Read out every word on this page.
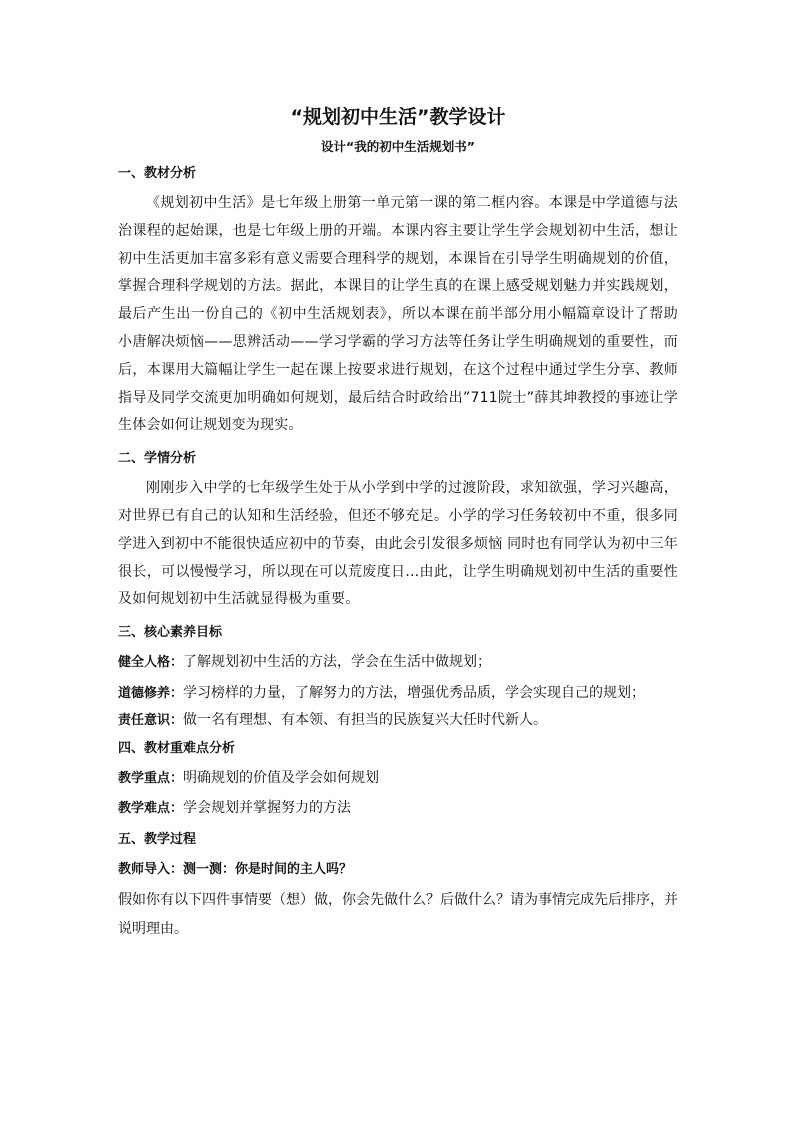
“规划初中生活”教学设计
设计“我的初中生活规划书”
一、教材分析

《规划初中生活》是七年级上册第一单元第一课的第二框内容。本课是中学道德与法治课程的起始课，也是七年级上册的开端。本课内容主要让学生学会规划初中生活，想让初中生活更加丰富多彩有意义需要合理科学的规划，本课旨在引导学生明确规划的价值，掌握合理科学规划的方法。据此，本课目的让学生真的在课上感受规划魅力并实践规划，最后产生出一份自己的《初中生活规划表》，所以本课在前半部分用小幅篇章设计了帮助小唐解决烦恼——思辨活动——学习学霸的学习方法等任务让学生明确规划的重要性，而后，本课用大篇幅让学生一起在课上按要求进行规划，在这个过程中通过学生分享、教师指导及同学交流更加明确如何规划，最后结合时政给出”711院士”薛其坤教授的事迹让学生体会如何让规划变为现实。

二、学情分析

刚刚步入中学的七年级学生处于从小学到中学的过渡阶段，求知欲强，学习兴趣高，对世界已有自己的认知和生活经验，但还不够充足。小学的学习任务较初中不重，很多同学进入到初中不能很快适应初中的节奏，由此会引发很多烦恼 同时也有同学认为初中三年很长，可以慢慢学习，所以现在可以荒废度日...由此，让学生明确规划初中生活的重要性及如何规划初中生活就显得极为重要。

三、核心素养目标

健全人格：了解规划初中生活的方法，学会在生活中做规划；

道德修养：学习榜样的力量，了解努力的方法，增强优秀品质，学会实现自己的规划；

责任意识：做一名有理想、有本领、有担当的民族复兴大任时代新人。

四、教材重难点分析

教学重点：明确规划的价值及学会如何规划

教学难点：学会规划并掌握努力的方法

五、教学过程

教师导入：测一测：你是时间的主人吗？

假如你有以下四件事情要（想）做，你会先做什么？后做什么？请为事情完成先后排序，并说明理由。
